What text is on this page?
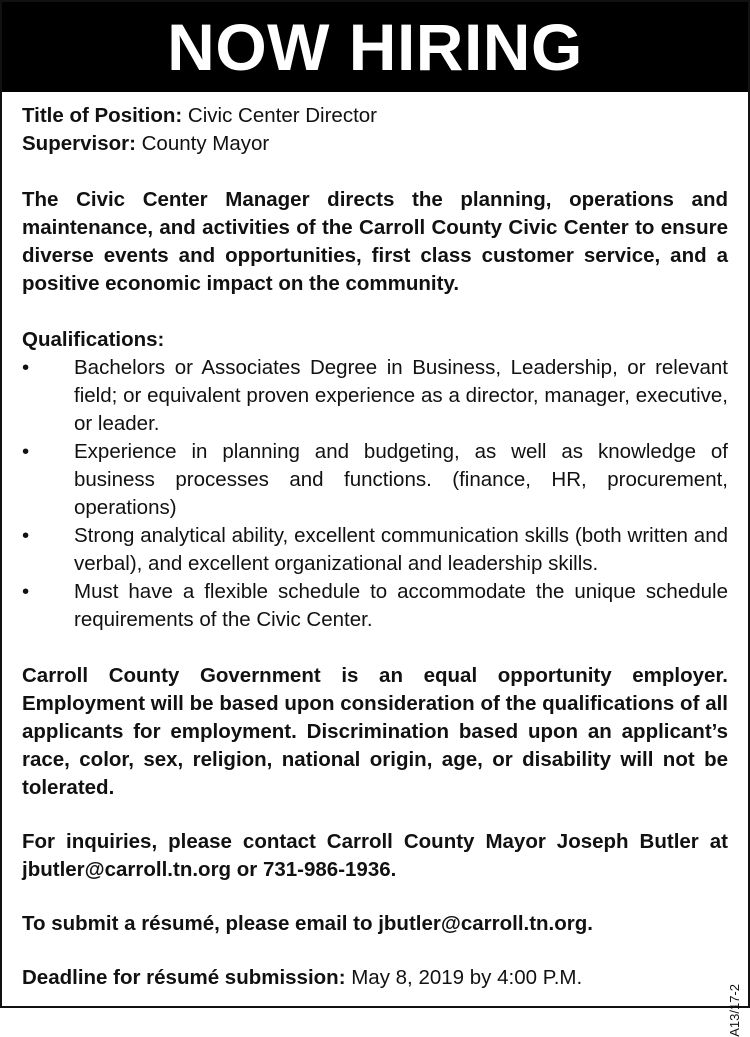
NOW HIRING

Title of Position: Civic Center Director

Supervisor: County Mayor

The Civic Center Manager directs the planning, operations and maintenance, and activities of the Carroll County Civic Center to ensure diverse events and opportunities, first class customer service, and a positive economic impact on the community.

Qualifications:

•	Bachelors or Associates Degree in Business, Leadership, or relevant field; or equivalent proven experience as a director, manager, executive, or leader.
•	Experience in planning and budgeting, as well as knowledge of business processes and functions. (finance, HR, procurement, operations)
•	Strong analytical ability, excellent communication skills (both written and verbal), and excellent organizational and leadership skills.
•	Must have a flexible schedule to accommodate the unique schedule requirements of the Civic Center.

Carroll County Government is an equal opportunity employer. Employment will be based upon consideration of the qualifications of all applicants for employment. Discrimination based upon an applicant’s race, color, sex, religion, national origin, age, or disability will not be tolerated.

For inquiries, please contact Carroll County Mayor Joseph Butler at jbutler@carroll.tn.org or 731-986-1936.

To submit a résumé, please email to jbutler@carroll.tn.org.

Deadline for résumé submission: May 8, 2019 by 4:00 P.M.

A13/17-2
